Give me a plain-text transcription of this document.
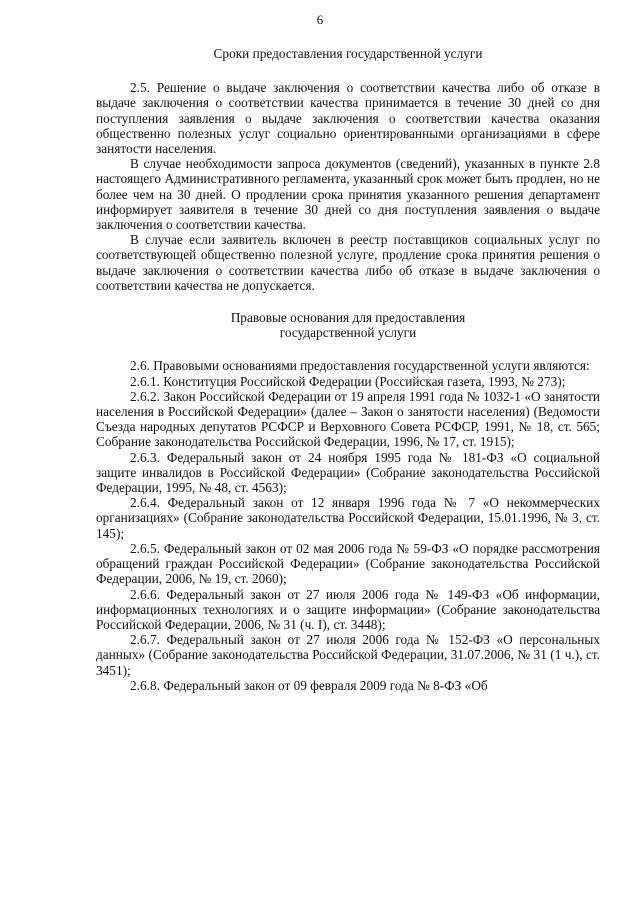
6
Сроки предоставления государственной услуги

2.5. Решение о выдаче заключения о соответствии качества либо об отказе в выдаче заключения о соответствии качества принимается в течение 30 дней со дня поступления заявления о выдаче заключения о соответствии качества оказания общественно полезных услуг социально ориентированными организациями в сфере занятости населения.

В случае необходимости запроса документов (сведений), указанных в пункте 2.8 настоящего Административного регламента, указанный срок может быть продлен, но не более чем на 30 дней. О продлении срока принятия указанного решения департамент информирует заявителя в течение 30 дней со дня поступления заявления о выдаче заключения о соответствии качества.

В случае если заявитель включен в реестр поставщиков социальных услуг по соответствующей общественно полезной услуге, продление срока принятия решения о выдаче заключения о соответствии качества либо об отказе в выдаче заключения о соответствии качества не допускается.

Правовые основания для предоставления
государственной услуги

2.6. Правовыми основаниями предоставления государственной услуги являются:

2.6.1. Конституция Российской Федерации (Российская газета, 1993, № 273);

2.6.2. Закон Российской Федерации от 19 апреля 1991 года № 1032-1 «О занятости населения в Российской Федерации» (далее – Закон о занятости населения) (Ведомости Съезда народных депутатов РСФСР и Верховного Совета РСФСР, 1991, № 18, ст. 565; Собрание законодательства Российской Федерации, 1996, № 17, ст. 1915);

2.6.3. Федеральный закон от 24 ноября 1995 года № 181-ФЗ «О социальной защите инвалидов в Российской Федерации» (Собрание законодательства Российской Федерации, 1995, № 48, ст. 4563);

2.6.4. Федеральный закон от 12 января 1996 года № 7 «О некоммерческих организациях» (Собрание законодательства Российской Федерации, 15.01.1996, № 3, ст. 145);

2.6.5. Федеральный закон от 02 мая 2006 года № 59-ФЗ «О порядке рассмотрения обращений граждан Российской Федерации» (Собрание законодательства Российской Федерации, 2006, № 19, ст. 2060);

2.6.6. Федеральный закон от 27 июля 2006 года № 149-ФЗ «Об информации, информационных технологиях и о защите информации» (Собрание законодательства Российской Федерации, 2006, № 31 (ч. I), ст. 3448);

2.6.7. Федеральный закон от 27 июля 2006 года № 152-ФЗ «О персональных данных» (Собрание законодательства Российской Федерации, 31.07.2006, № 31 (1 ч.), ст. 3451);

2.6.8. Федеральный закон от 09 февраля 2009 года № 8-ФЗ «Об
